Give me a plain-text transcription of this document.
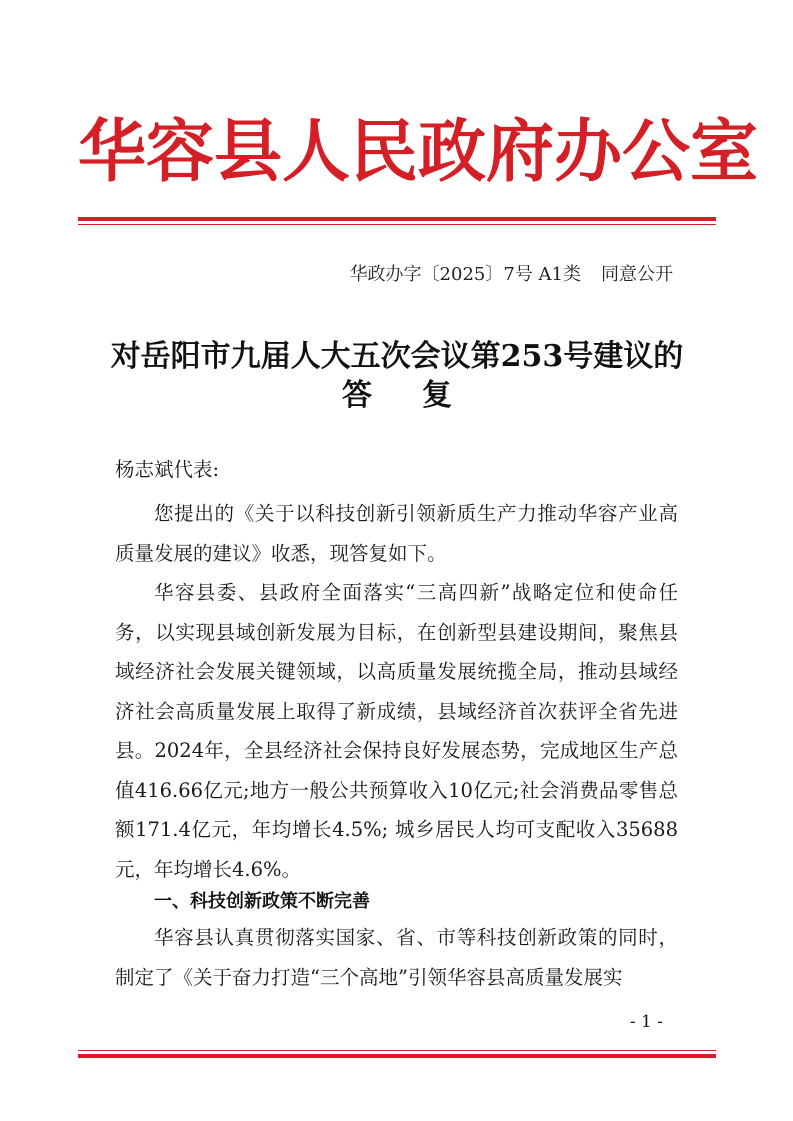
华容县人民政府办公室
华政办字〔2025〕7号 A1类 同意公开
对岳阳市九届人大五次会议第253号建议的
答复
杨志斌代表:

您提出的《关于以科技创新引领新质生产力推动华容产业高质量发展的建议》收悉，现答复如下。

华容县委、县政府全面落实“三高四新”战略定位和使命任务，以实现县域创新发展为目标，在创新型县建设期间，聚焦县域经济社会发展关键领域，以高质量发展统揽全局，推动县域经济社会高质量发展上取得了新成绩，县域经济首次获评全省先进县。2024年，全县经济社会保持良好发展态势，完成地区生产总值416.66亿元;地方一般公共预算收入10亿元;社会消费品零售总额171.4亿元，年均增长4.5%; 城乡居民人均可支配收入35688元，年均增长4.6%。

一、科技创新政策不断完善

华容县认真贯彻落实国家、省、市等科技创新政策的同时，制定了《关于奋力打造“三个高地”引领华容县高质量发展实

- 1 -
